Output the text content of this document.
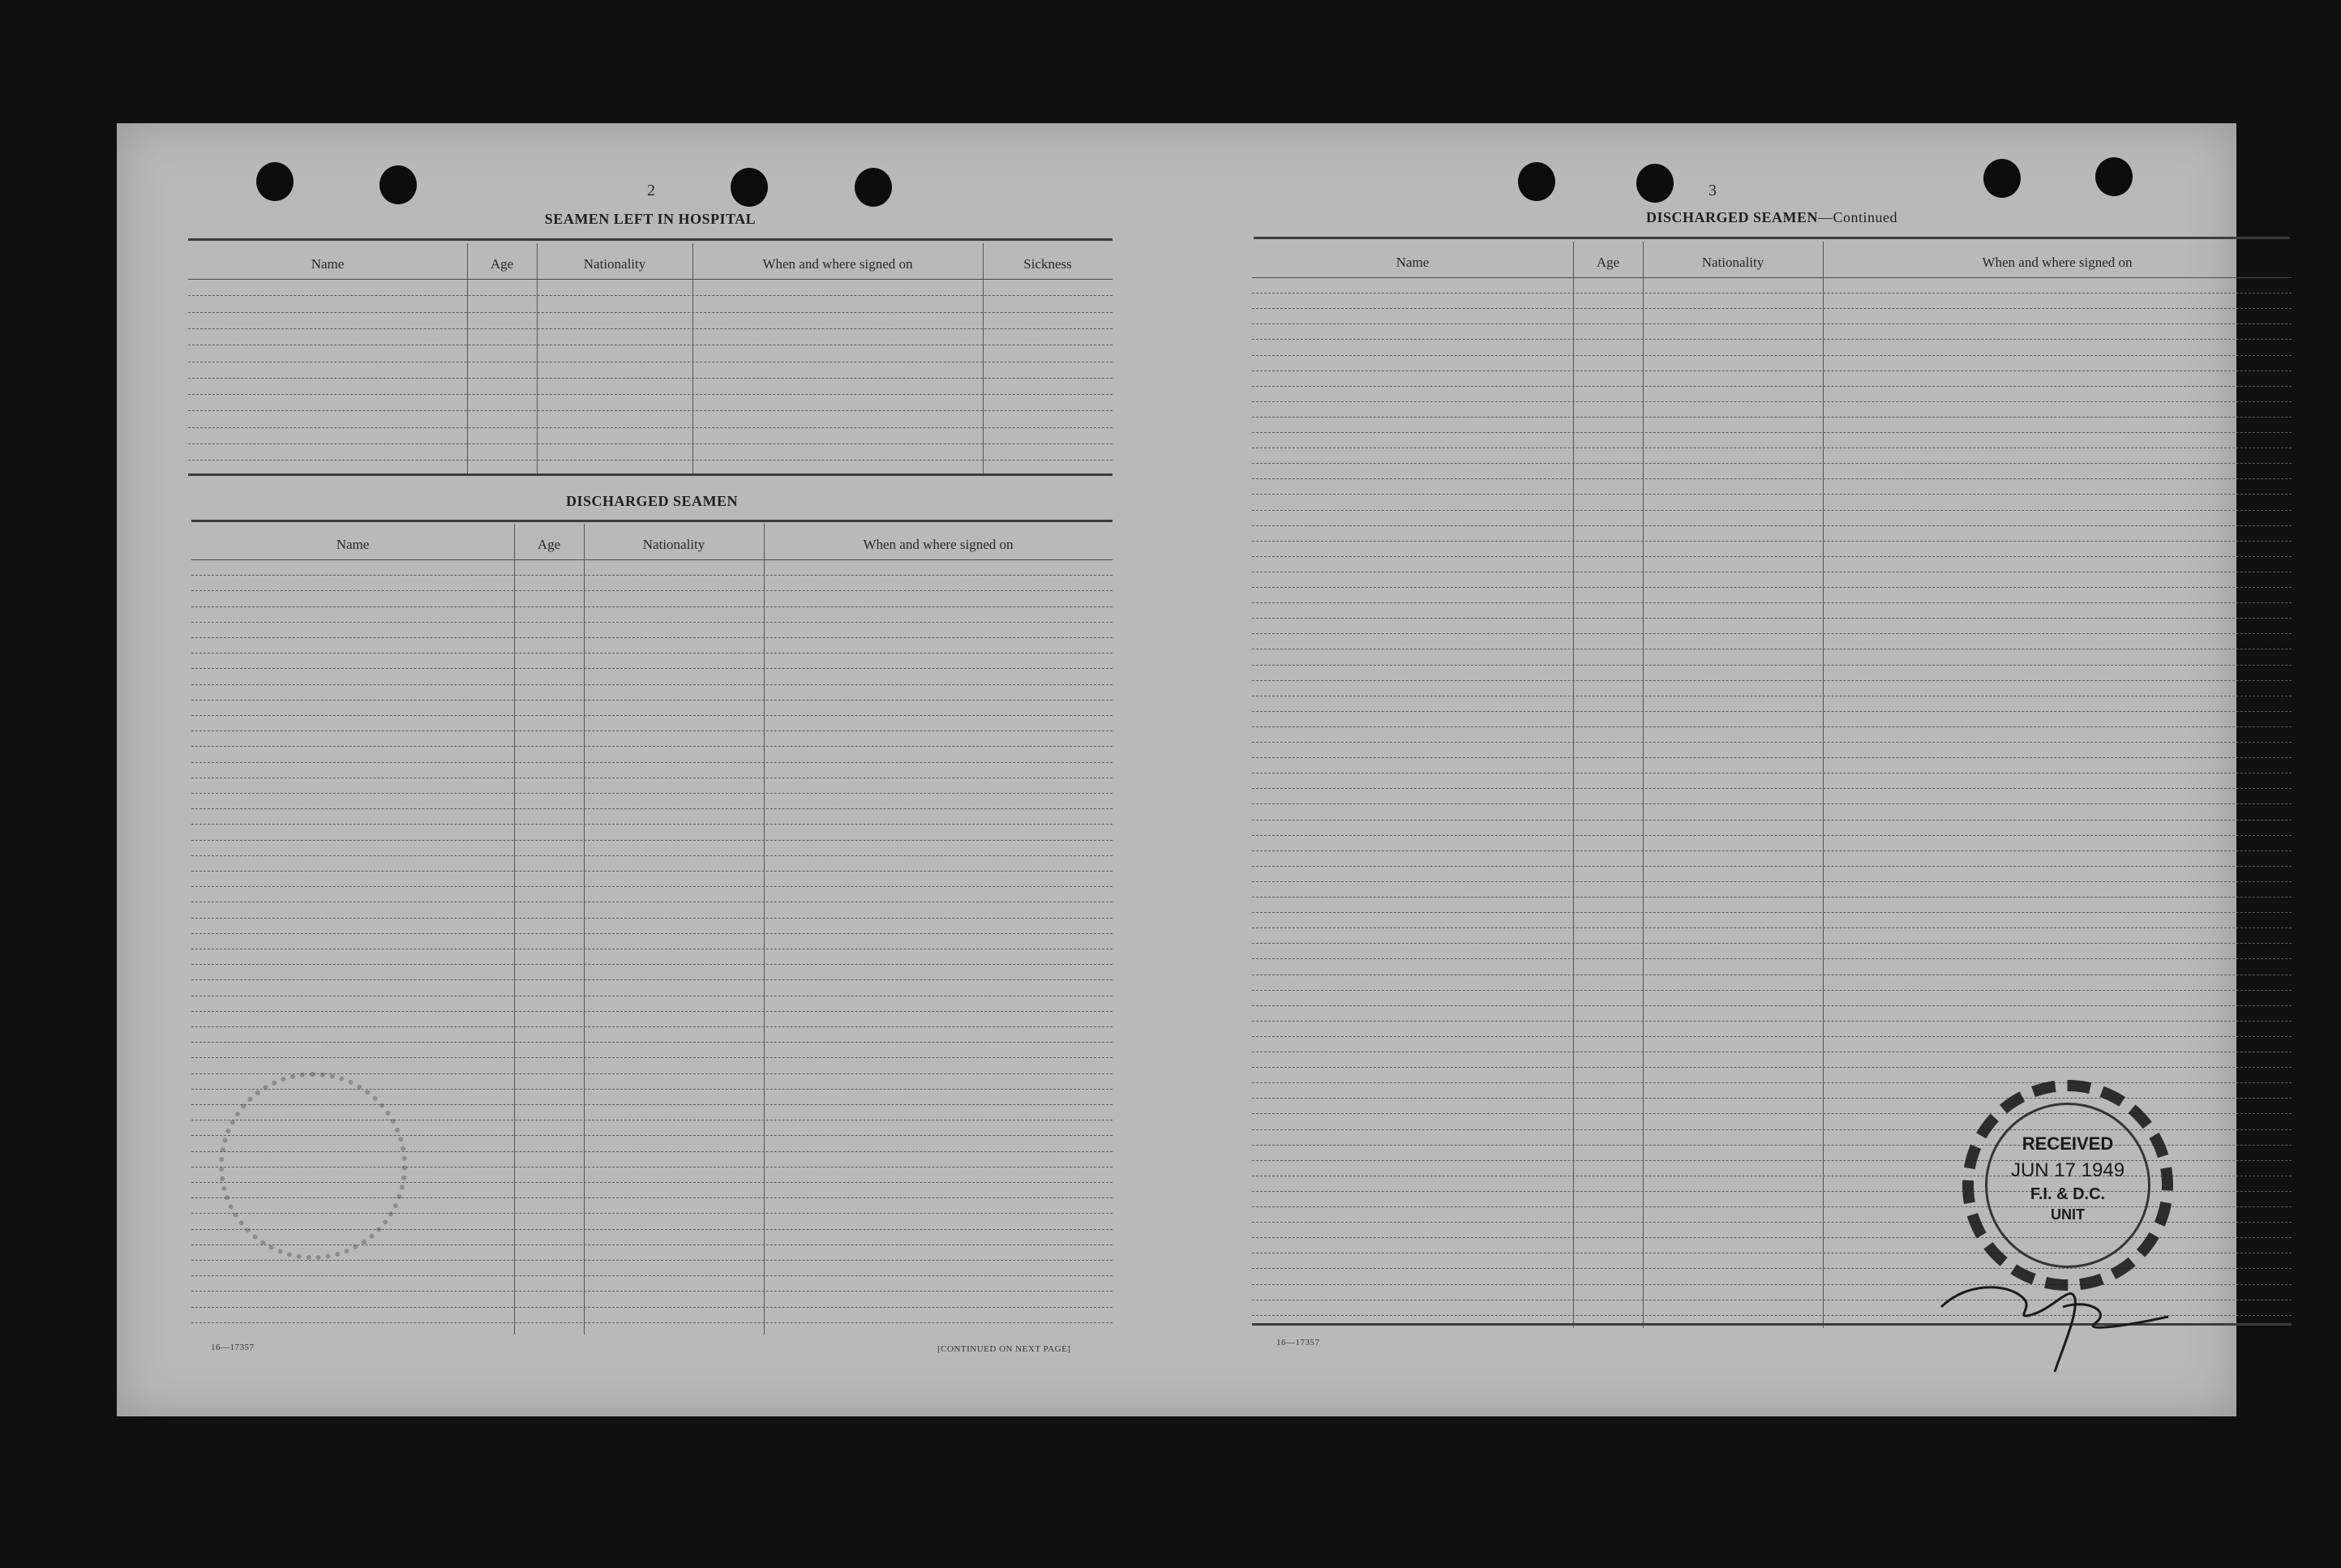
2
SEAMEN LEFT IN HOSPITAL
Name	Age	Nationality	When and where signed on	Sickness
DISCHARGED SEAMEN
Name	Age	Nationality	When and where signed on
16—17357	[CONTINUED ON NEXT PAGE]
3
DISCHARGED SEAMEN—Continued
Name	Age	Nationality	When and where signed on
16—17357
RECEIVED
JUN 17 1949
F.I. & D.C.
UNIT
